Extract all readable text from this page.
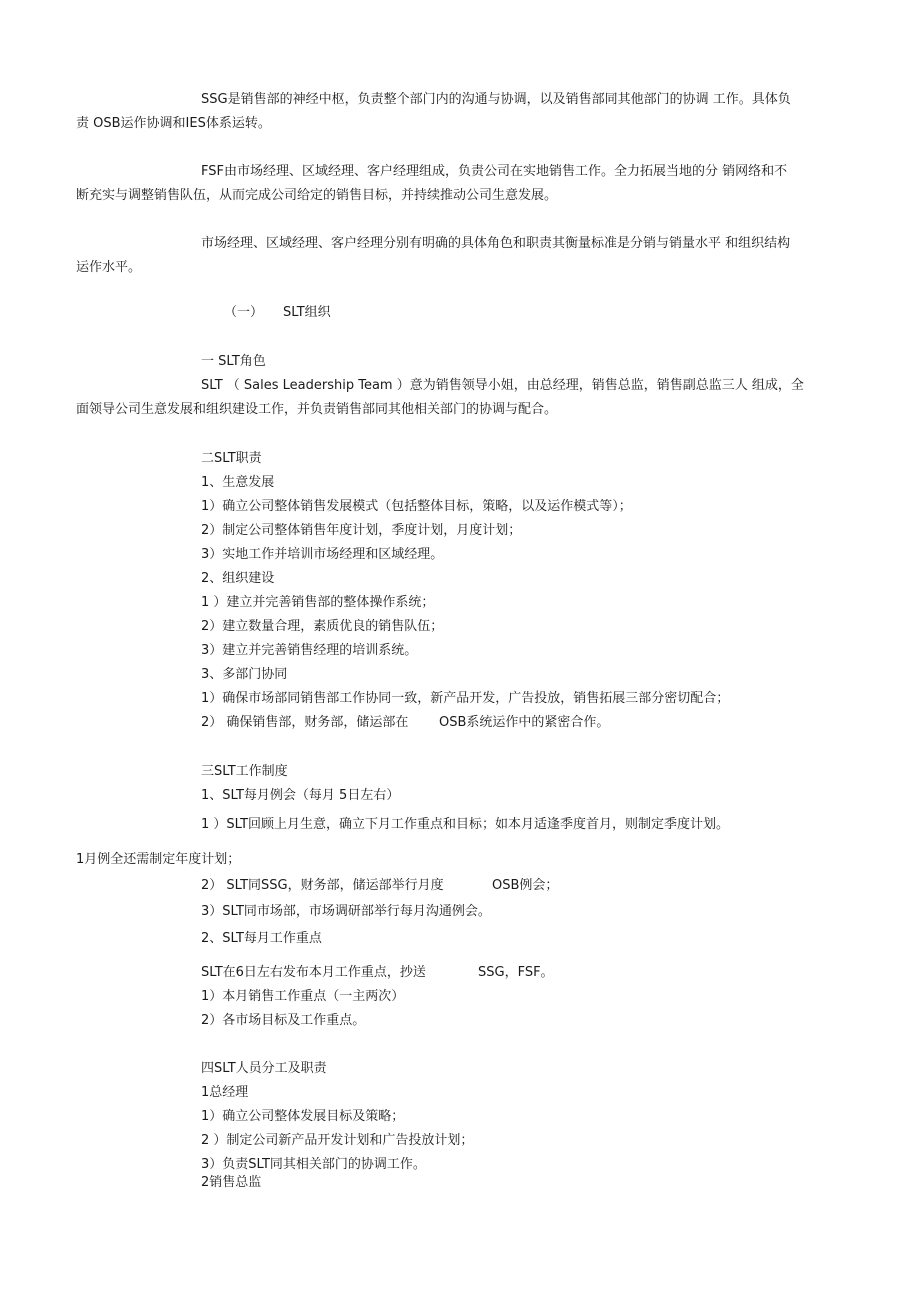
SSG是销售部的神经中枢，负责整个部门内的沟通与协调，以及销售部同其他部门的协调 工作。具体负
责 OSB运作协调和IES体系运转。
FSF由市场经理、区域经理、客户经理组成，负责公司在实地销售工作。全力拓展当地的分 销网络和不
断充实与调整销售队伍，从而完成公司给定的销售目标，并持续推动公司生意发展。
市场经理、区域经理、客户经理分别有明确的具体角色和职责其衡量标准是分销与销量水平 和组织结构
运作水平。
（一） SLT组织
一 SLT角色
SLT （ Sales Leadership Team ）意为销售领导小姐，由总经理，销售总监，销售副总监三人 组成，全
面领导公司生意发展和组织建设工作，并负责销售部同其他相关部门的协调与配合。
二SLT职责
1、生意发展
1）确立公司整体销售发展模式（包括整体目标，策略，以及运作模式等）；
2）制定公司整体销售年度计划，季度计划，月度计划；
3）实地工作并培训市场经理和区域经理。
2、组织建设
1 ）建立并完善销售部的整体操作系统；
2）建立数量合理，素质优良的销售队伍；
3）建立并完善销售经理的培训系统。
3、多部门协同
1）确保市场部同销售部工作协同一致，新产品开发，广告投放，销售拓展三部分密切配合；
2） 确保销售部，财务部，储运部在 OSB系统运作中的紧密合作。
三SLT工作制度
1、SLT每月例会（每月 5日左右）
1 ）SLT回顾上月生意，确立下月工作重点和目标；如本月适逢季度首月，则制定季度计划。
1月例全还需制定年度计划；
2） SLT同SSG，财务部，储运部举行月度	OSB例会；
3）SLT同市场部，市场调研部举行每月沟通例会。
2、SLT每月工作重点
SLT在6日左右发布本月工作重点，抄送	SSG，FSF。
1）本月销售工作重点（一主两次）
2）各市场目标及工作重点。
四SLT人员分工及职责
1总经理
1）确立公司整体发展目标及策略；
2 ）制定公司新产品开发计划和广告投放计划；
3）负责SLT同其相关部门的协调工作。
2销售总监
